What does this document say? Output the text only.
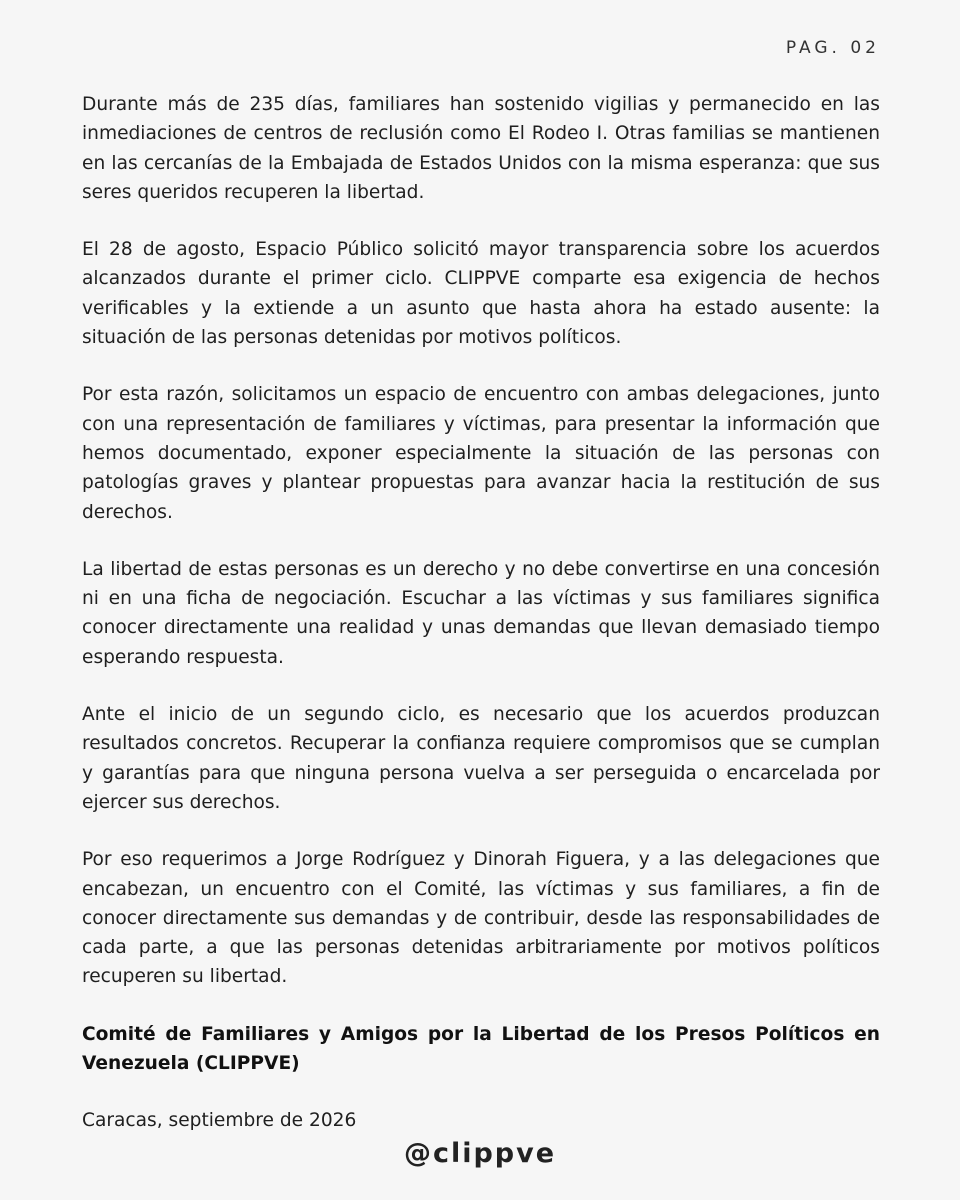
PAG. 02

Durante más de 235 días, familiares han sostenido vigilias y permanecido en las inmediaciones de centros de reclusión como El Rodeo I. Otras familias se mantienen en las cercanías de la Embajada de Estados Unidos con la misma esperanza: que sus seres queridos recuperen la libertad.

El 28 de agosto, Espacio Público solicitó mayor transparencia sobre los acuerdos alcanzados durante el primer ciclo. CLIPPVE comparte esa exigencia de hechos verificables y la extiende a un asunto que hasta ahora ha estado ausente: la situación de las personas detenidas por motivos políticos.

Por esta razón, solicitamos un espacio de encuentro con ambas delegaciones, junto con una representación de familiares y víctimas, para presentar la información que hemos documentado, exponer especialmente la situación de las personas con patologías graves y plantear propuestas para avanzar hacia la restitución de sus derechos.

La libertad de estas personas es un derecho y no debe convertirse en una concesión ni en una ficha de negociación. Escuchar a las víctimas y sus familiares significa conocer directamente una realidad y unas demandas que llevan demasiado tiempo esperando respuesta.

Ante el inicio de un segundo ciclo, es necesario que los acuerdos produzcan resultados concretos. Recuperar la confianza requiere compromisos que se cumplan y garantías para que ninguna persona vuelva a ser perseguida o encarcelada por ejercer sus derechos.

Por eso requerimos a Jorge Rodríguez y Dinorah Figuera, y a las delegaciones que encabezan, un encuentro con el Comité, las víctimas y sus familiares, a fin de conocer directamente sus demandas y de contribuir, desde las responsabilidades de cada parte, a que las personas detenidas arbitrariamente por motivos políticos recuperen su libertad.

Comité de Familiares y Amigos por la Libertad de los Presos Políticos en Venezuela (CLIPPVE)

Caracas, septiembre de 2026

@clippve
